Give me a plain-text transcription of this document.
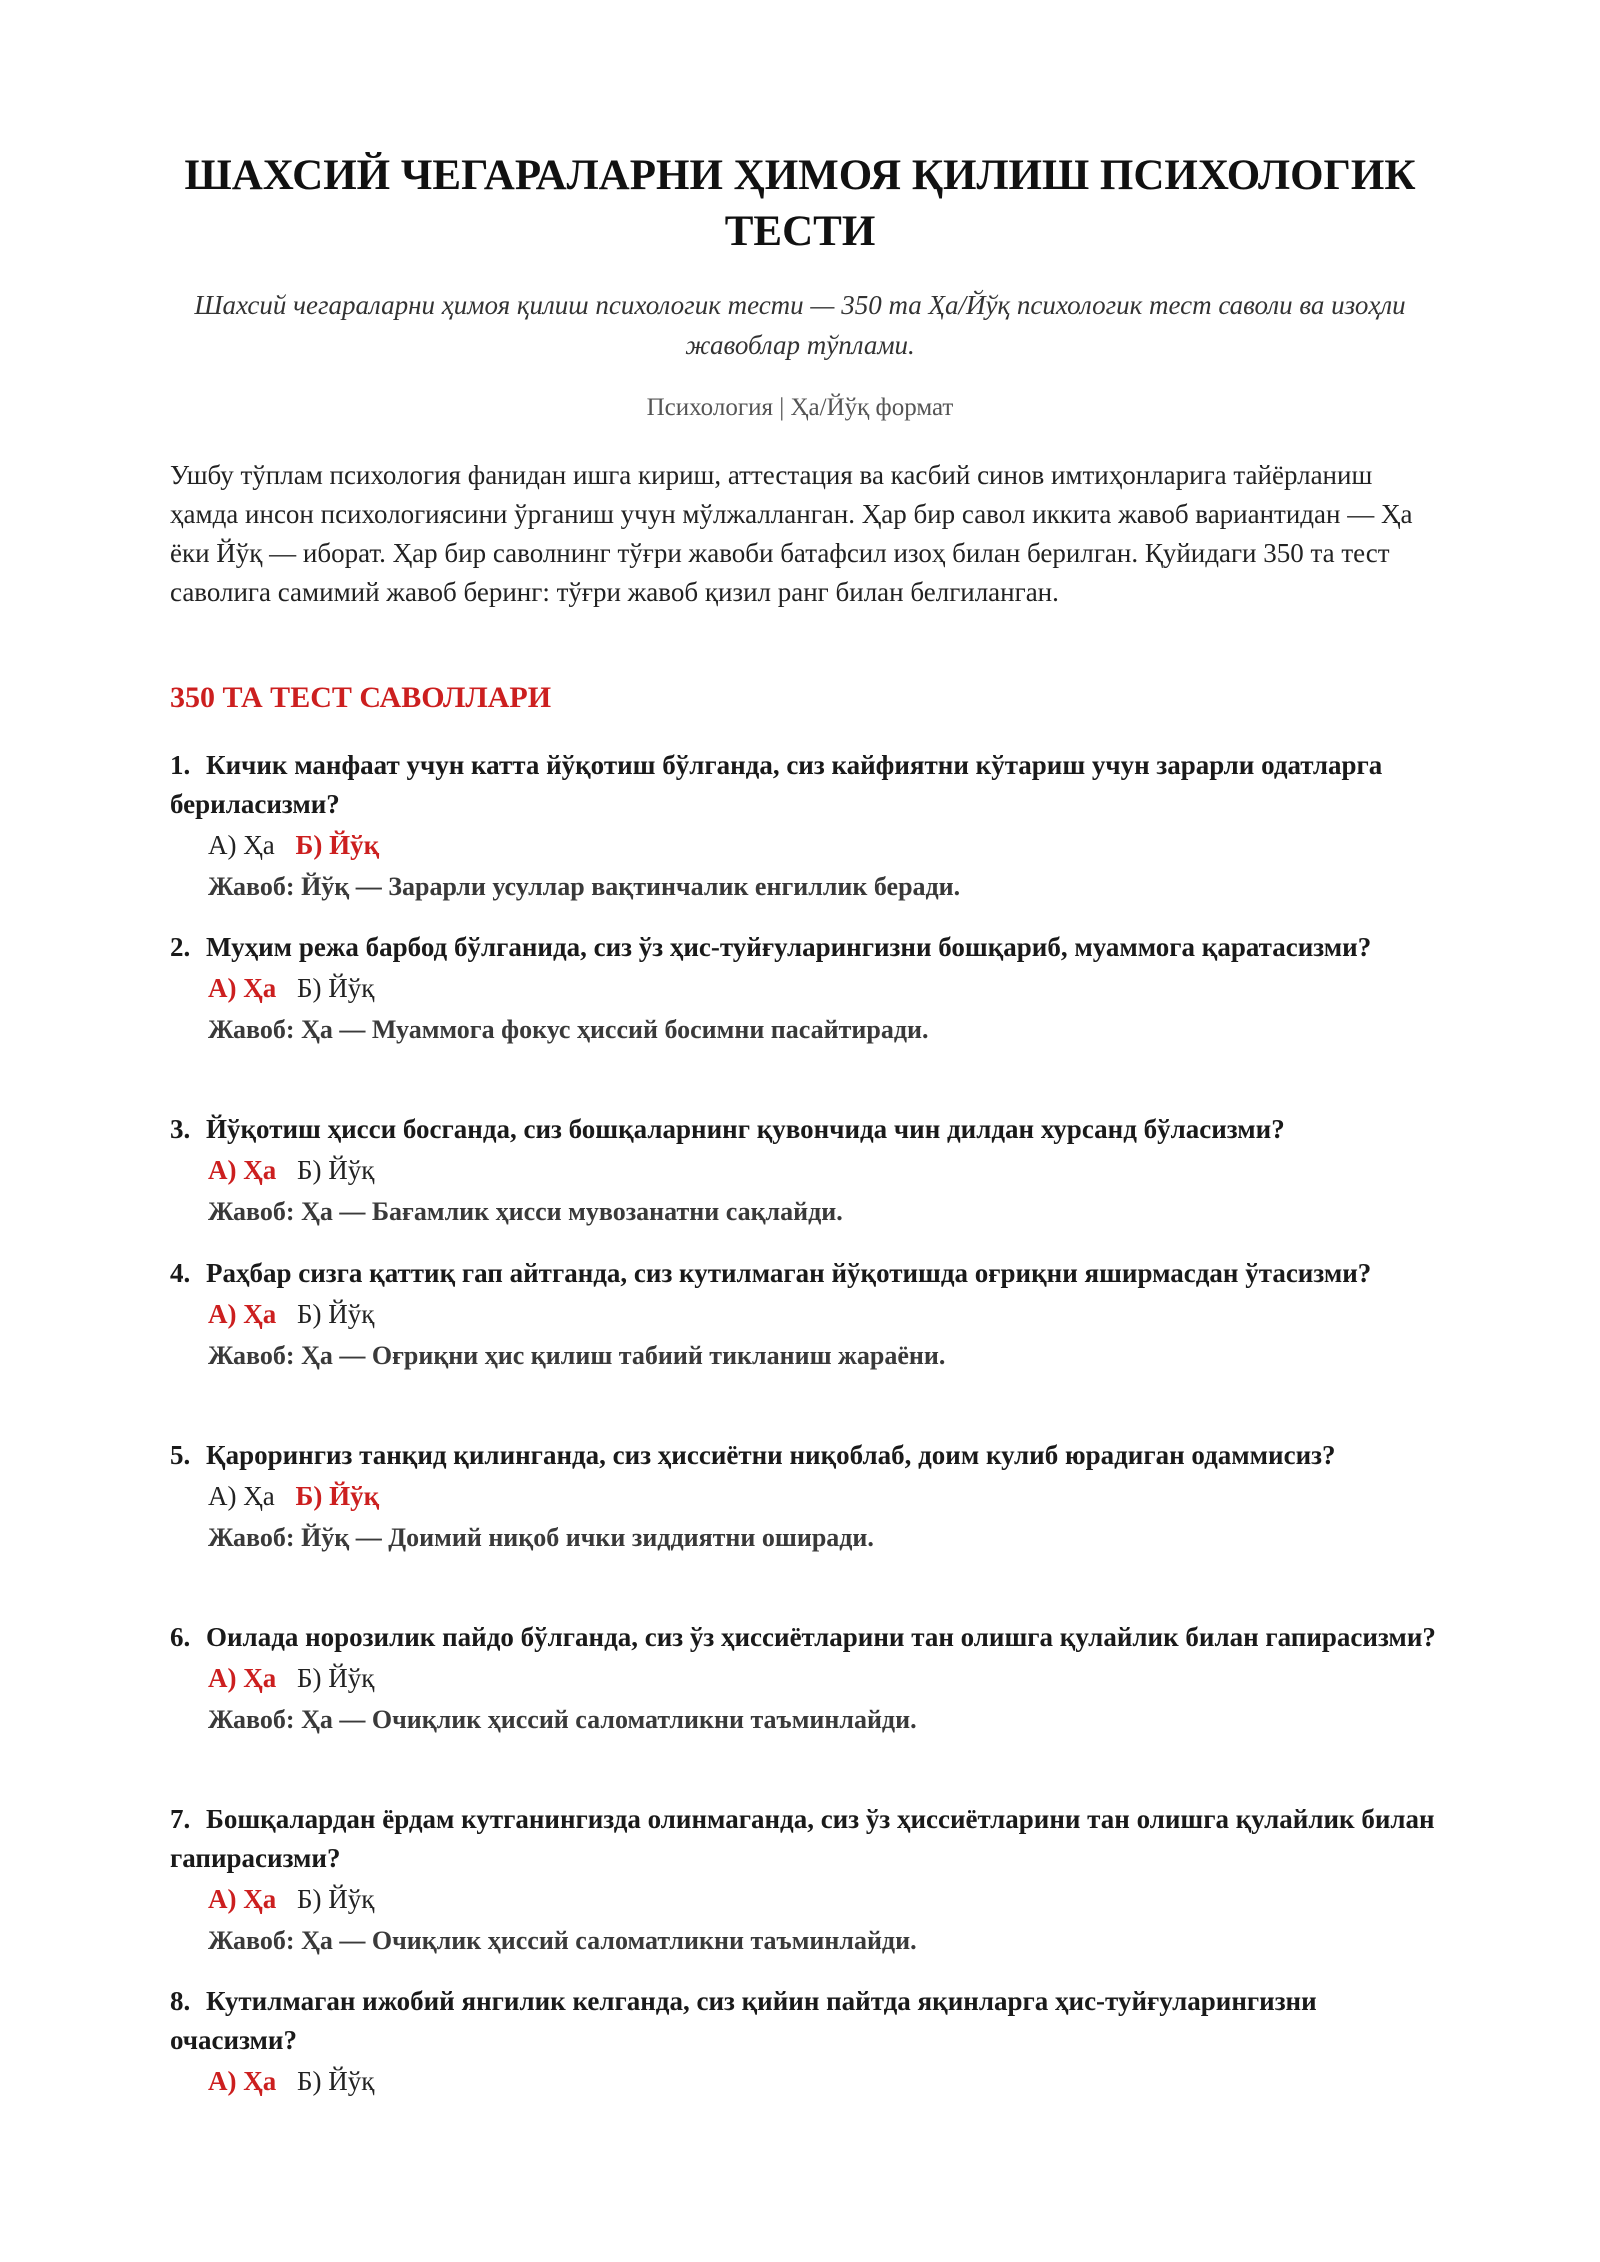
ШАХСИЙ ЧЕГАРАЛАРНИ ҲИМОЯ ҚИЛИШ ПСИХОЛОГИК ТЕСТИ

Шахсий чегараларни ҳимоя қилиш психологик тести — 350 та Ҳа/Йўқ психологик тест саволи ва изоҳли жавоблар тўплами.

Психология | Ҳа/Йўқ формат

Ушбу тўплам психология фанидан ишга кириш, аттестация ва касбий синов имтиҳонларига тайёрланиш ҳамда инсон психологиясини ўрганиш учун мўлжалланган. Ҳар бир савол иккита жавоб вариантидан — Ҳа ёки Йўқ — иборат. Ҳар бир саволнинг тўғри жавоби батафсил изоҳ билан берилган. Қуйидаги 350 та тест саволига самимий жавоб беринг: тўғри жавоб қизил ранг билан белгиланган.

350 ТА ТЕСТ САВОЛЛАРИ

1. Кичик манфаат учун катта йўқотиш бўлганда, сиз кайфиятни кўтариш учун зарарли одатларга бериласизми?

А) Ҳа Б) Йўқ

Жавоб: Йўқ — Зарарли усуллар вақтинчалик енгиллик беради.

2. Муҳим режа барбод бўлганида, сиз ўз ҳис-туйғуларингизни бошқариб, муаммога қаратасизми?

А) Ҳа Б) Йўқ

Жавоб: Ҳа — Муаммога фокус ҳиссий босимни пасайтиради.

3. Йўқотиш ҳисси босганда, сиз бошқаларнинг қувончида чин дилдан хурсанд бўласизми?

А) Ҳа Б) Йўқ

Жавоб: Ҳа — Бағамлик ҳисси мувозанатни сақлайди.

4. Раҳбар сизга қаттиқ гап айтганда, сиз кутилмаган йўқотишда оғриқни яширмасдан ўтасизми?

А) Ҳа Б) Йўқ

Жавоб: Ҳа — Оғриқни ҳис қилиш табиий тикланиш жараёни.

5. Қарорингиз танқид қилинганда, сиз ҳиссиётни ниқоблаб, доим кулиб юрадиган одаммисиз?

А) Ҳа Б) Йўқ

Жавоб: Йўқ — Доимий ниқоб ички зиддиятни оширади.

6. Оилада норозилик пайдо бўлганда, сиз ўз ҳиссиётларини тан олишга қулайлик билан гапирасизми?

А) Ҳа Б) Йўқ

Жавоб: Ҳа — Очиқлик ҳиссий саломатликни таъминлайди.

7. Бошқалардан ёрдам кутганингизда олинмаганда, сиз ўз ҳиссиётларини тан олишга қулайлик билан гапирасизми?

А) Ҳа Б) Йўқ

Жавоб: Ҳа — Очиқлик ҳиссий саломатликни таъминлайди.

8. Кутилмаган ижобий янгилик келганда, сиз қийин пайтда яқинларга ҳис-туйғуларингизни очасизми?

А) Ҳа Б) Йўқ
